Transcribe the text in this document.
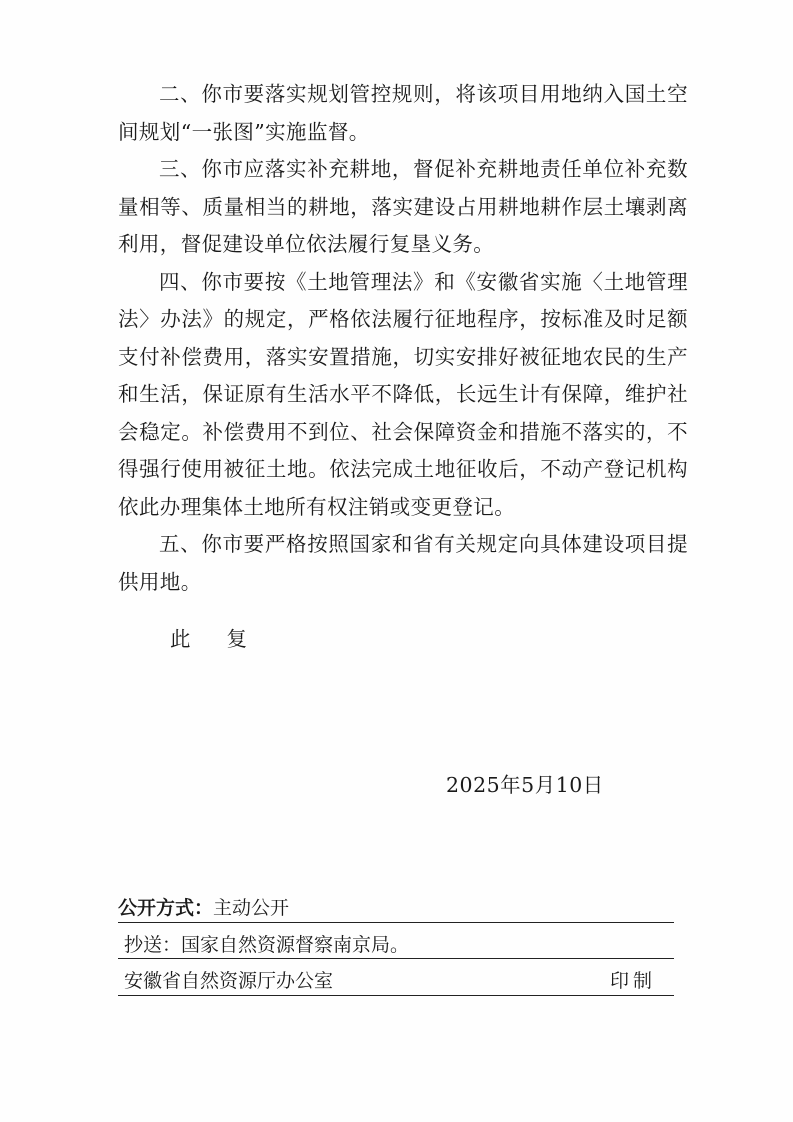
二、你市要落实规划管控规则，将该项目用地纳入国土空间规划“一张图”实施监督。

三、你市应落实补充耕地，督促补充耕地责任单位补充数量相等、质量相当的耕地，落实建设占用耕地耕作层土壤剥离利用，督促建设单位依法履行复垦义务。

四、你市要按《土地管理法》和《安徽省实施〈土地管理法〉办法》的规定，严格依法履行征地程序，按标准及时足额支付补偿费用，落实安置措施，切实安排好被征地农民的生产和生活，保证原有生活水平不降低，长远生计有保障，维护社会稳定。补偿费用不到位、社会保障资金和措施不落实的，不得强行使用被征土地。依法完成土地征收后，不动产登记机构依此办理集体土地所有权注销或变更登记。

五、你市要严格按照国家和省有关规定向具体建设项目提供用地。

此复
2025年5月10日
公开方式：主动公开
抄送：国家自然资源督察南京局。
安徽省自然资源厅办公室	印制
